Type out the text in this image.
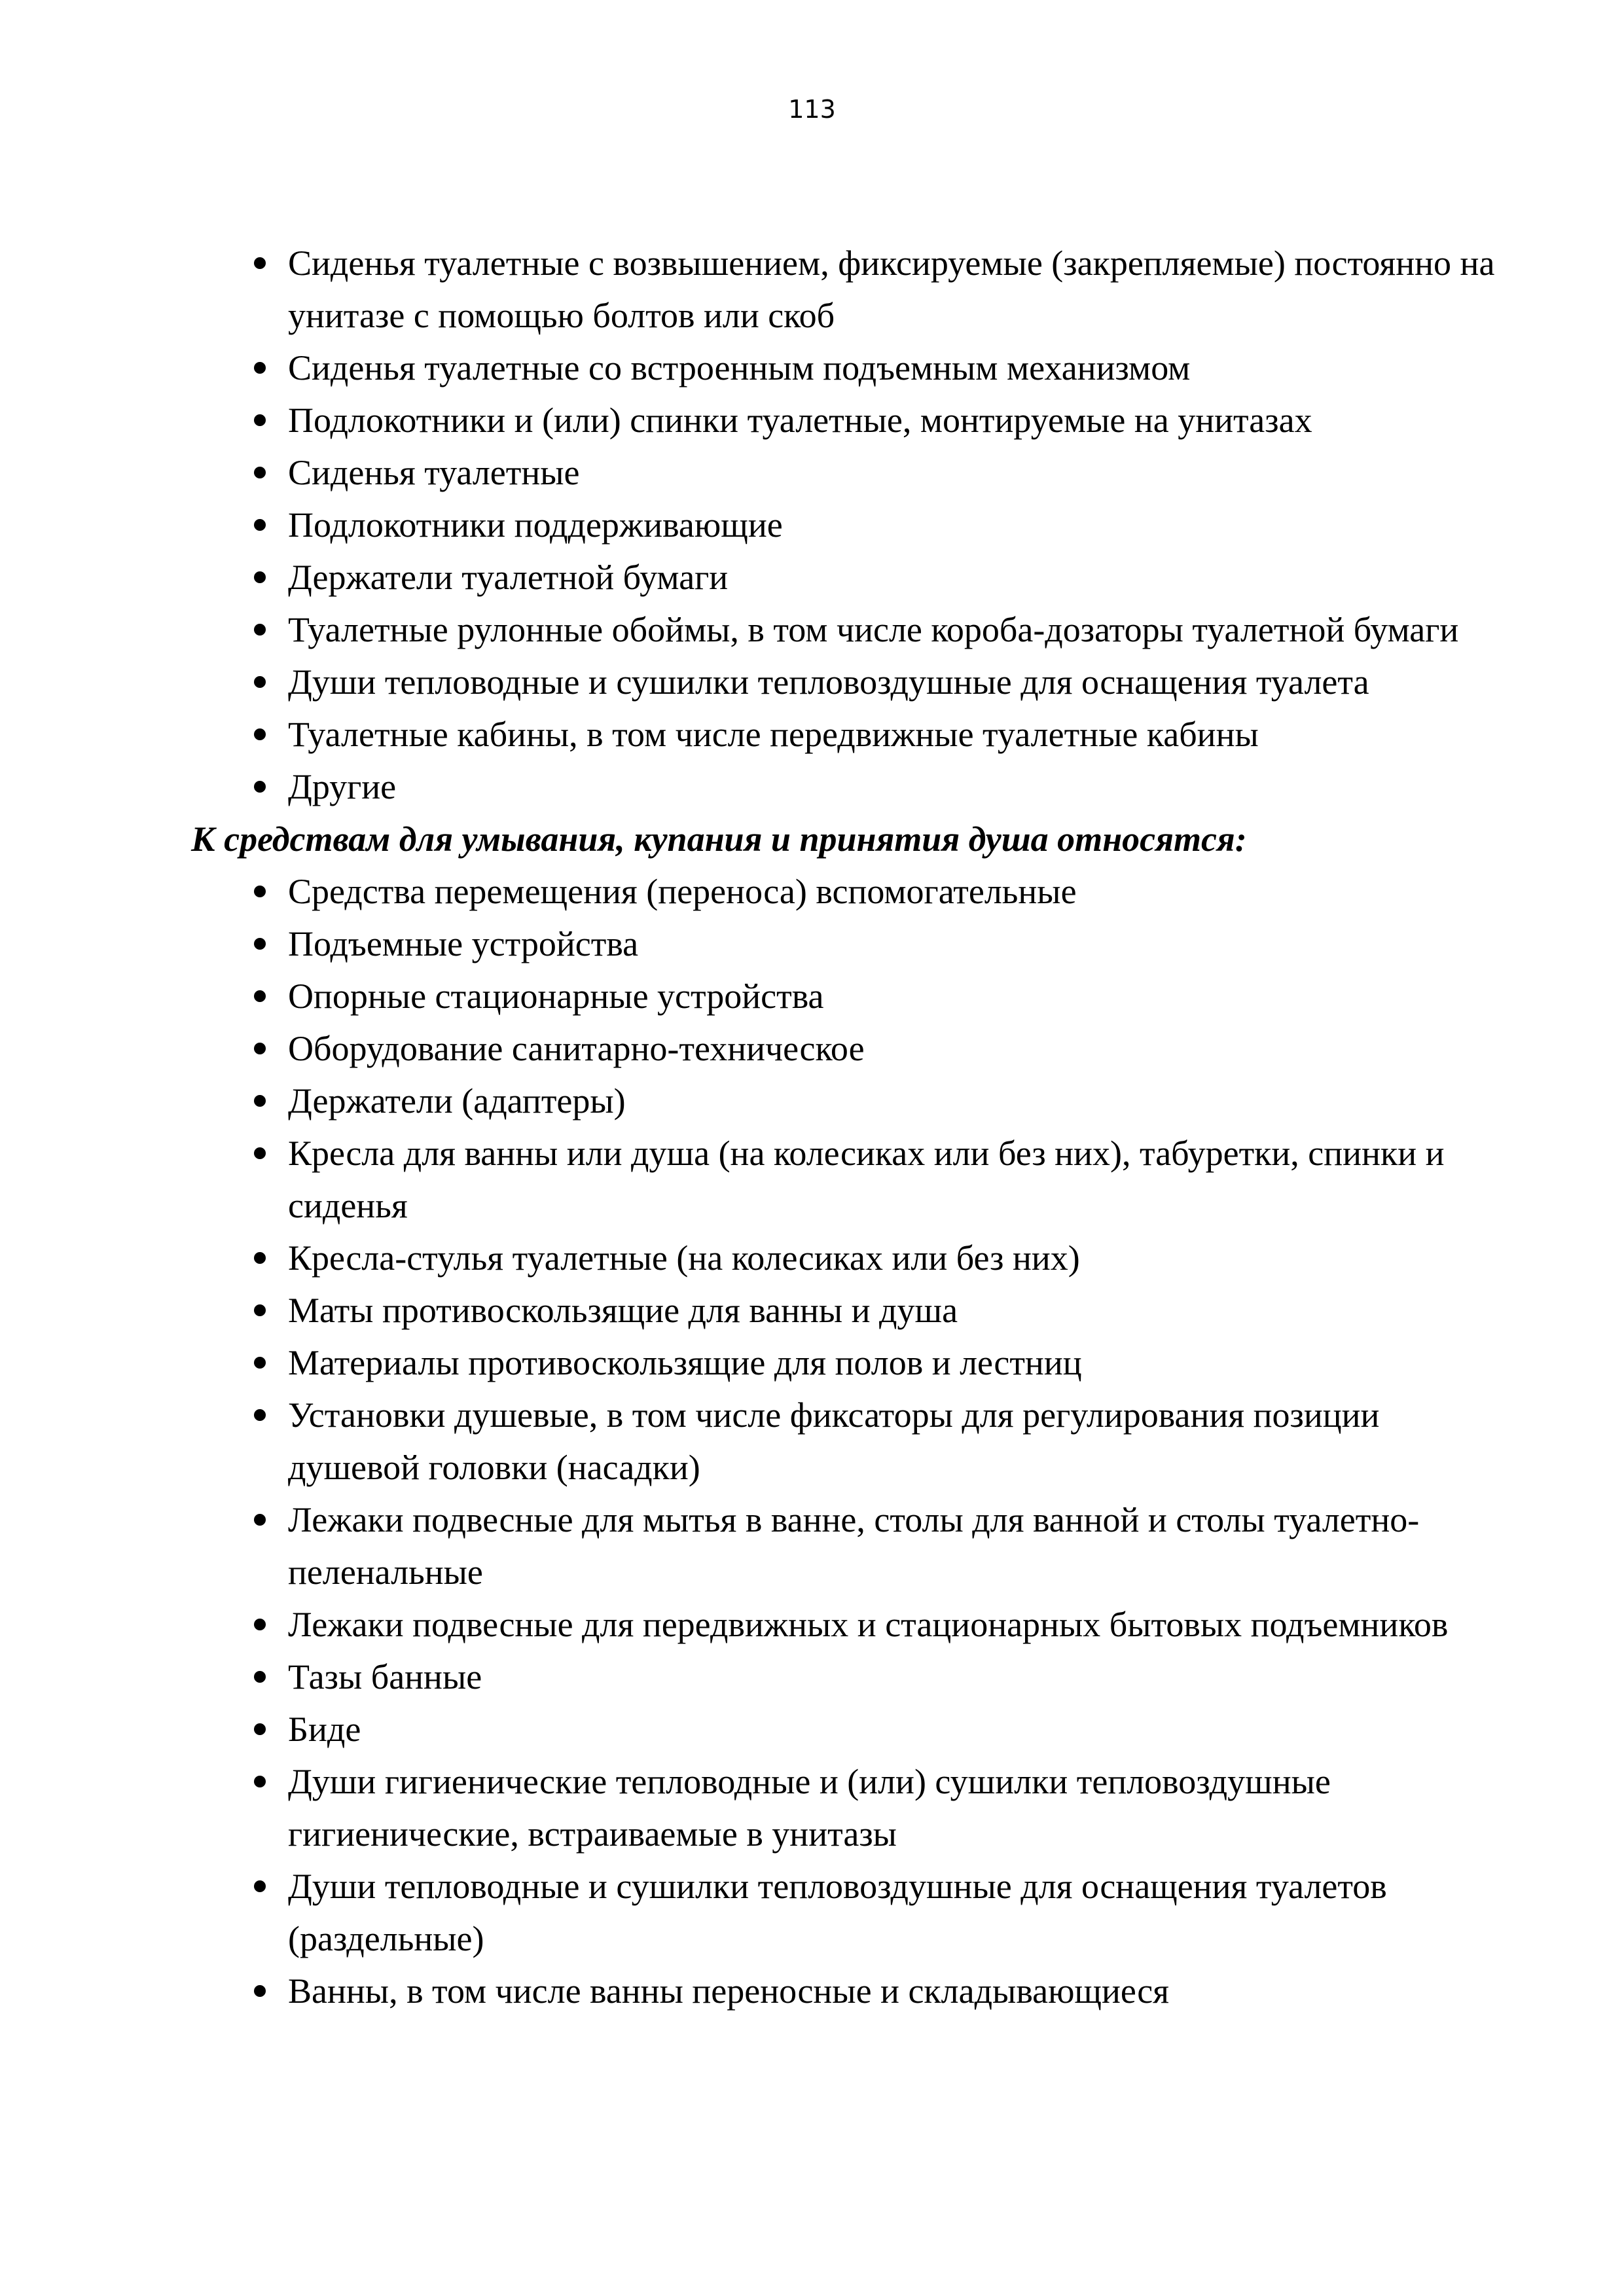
113
Сиденья туалетные с возвышением, фиксируемые (закрепляемые) постоянно на унитазе с помощью болтов или скоб
Сиденья туалетные со встроенным подъемным механизмом
Подлокотники и (или) спинки туалетные, монтируемые на унитазах
Сиденья туалетные
Подлокотники поддерживающие
Держатели туалетной бумаги
Туалетные рулонные обоймы, в том числе короба-дозаторы туалетной бумаги
Души тепловодные и сушилки тепловоздушные для оснащения туалета
Туалетные кабины, в том числе передвижные туалетные кабины
Другие

К средствам для умывания, купания и принятия душа относятся:

Средства перемещения (переноса) вспомогательные
Подъемные устройства
Опорные стационарные устройства
Оборудование санитарно-техническое
Держатели (адаптеры)
Кресла для ванны или душа (на колесиках или без них), табуретки, спинки и сиденья
Кресла-стулья туалетные (на колесиках или без них)
Маты противоскользящие для ванны и душа
Материалы противоскользящие для полов и лестниц
Установки душевые, в том числе фиксаторы для регулирования позиции душевой головки (насадки)
Лежаки подвесные для мытья в ванне, столы для ванной и столы туалетно-пеленальные
Лежаки подвесные для передвижных и стационарных бытовых подъемников
Тазы банные
Биде
Души гигиенические тепловодные и (или) сушилки тепловоздушные гигиенические, встраиваемые в унитазы
Души тепловодные и сушилки тепловоздушные для оснащения туалетов (раздельные)
Ванны, в том числе ванны переносные и складывающиеся
